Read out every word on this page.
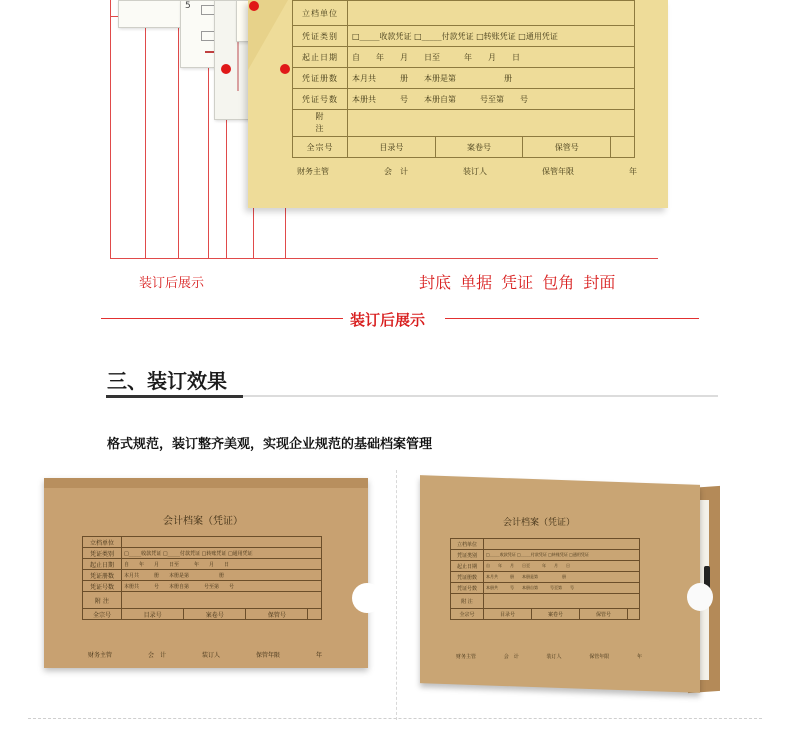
5
立档单位				
凭证类别	□_____收款凭证 □_____付款凭证 □转账凭证 □通用凭证			
起止日期	自　　年　　月　　日至　　　年　　月　　日			
凭证册数	本月共　　　册　　本册是第　　　　　　册			
凭证号数	本册共　　　号　　本册自第　　　号至第　　号			
附
注				
全宗号	目录号	案卷号	保管号	
财务主管	会　计	装订人	保管年限	年
装订后展示	封底 单据 凭证 包角 封面
装订后展示
三、装订效果
格式规范，装订整齐美观，实现企业规范的基础档案管理
会计档案（凭证）
立档单位				
凭证类别	□_____收款凭证 □_____付款凭证 □转账凭证 □通用凭证			
起止日期	自　　年　　月　　日至　　　年　　月　　日			
凭证册数	本月共　　　册　　本册是第　　　　　　册			
凭证号数	本册共　　　号　　本册自第　　　号至第　　号			
附 注				
全宗号	目录号	案卷号	保管号	
财务主管	会　计	装订人	保管年限	年
会计档案（凭证）
立档单位				
凭证类别	□_____收款凭证 □_____付款凭证 □转账凭证 □通用凭证			
起止日期	自　　年　　月　　日至　　　年　　月　　日			
凭证册数	本月共　　　册　　本册是第　　　　　　册			
凭证号数	本册共　　　号　　本册自第　　　号至第　　号			
附 注				
全宗号	目录号	案卷号	保管号	
财务主管	会　计	装订人	保管年限	年
